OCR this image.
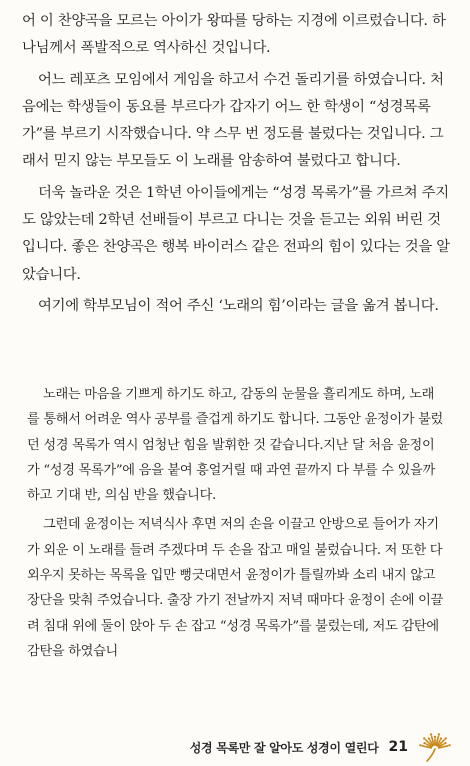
어 이 찬양곡을 모르는 아이가 왕따를 당하는 지경에 이르렀습니다. 하나님께서 폭발적으로 역사하신 것입니다.

어느 레포츠 모임에서 게임을 하고서 수건 돌리기를 하였습니다. 처음에는 학생들이 동요를 부르다가 갑자기 어느 한 학생이 “성경목록가”를 부르기 시작했습니다. 약 스무 번 정도를 불렀다는 것입니다. 그래서 믿지 않는 부모들도 이 노래를 암송하여 불렀다고 합니다.

더욱 놀라운 것은 1학년 아이들에게는 “성경 목록가”를 가르쳐 주지도 않았는데 2학년 선배들이 부르고 다니는 것을 듣고는 외워 버린 것입니다. 좋은 찬양곡은 행복 바이러스 같은 전파의 힘이 있다는 것을 알았습니다.

여기에 학부모님이 적어 주신 ‘노래의 힘’이라는 글을 옮겨 봅니다.

노래는 마음을 기쁘게 하기도 하고, 감동의 눈물을 흘리게도 하며, 노래를 통해서 어려운 역사 공부를 즐겁게 하기도 합니다. 그동안 윤정이가 불렀던 성경 목록가 역시 엄청난 힘을 발휘한 것 같습니다.지난 달 처음 윤정이가 “성경 목록가”에 음을 붙여 흥얼거릴 때 과연 끝까지 다 부를 수 있을까 하고 기대 반, 의심 반을 했습니다.

그런데 윤정이는 저녁식사 후면 저의 손을 이끌고 안방으로 들어가 자기가 외운 이 노래를 들려 주겠다며 두 손을 잡고 매일 불렀습니다. 저 또한 다 외우지 못하는 목록을 입만 뻥긋대면서 윤정이가 틀릴까봐 소리 내지 않고 장단을 맞춰 주었습니다. 출장 가기 전날까지 저녁 때마다 윤정이 손에 이끌려 침대 위에 둘이 앉아 두 손 잡고 “성경 목록가”를 불렀는데, 저도 감탄에 감탄을 하였습니

성경 목록만 잘 알아도 성경이 열린다 21
